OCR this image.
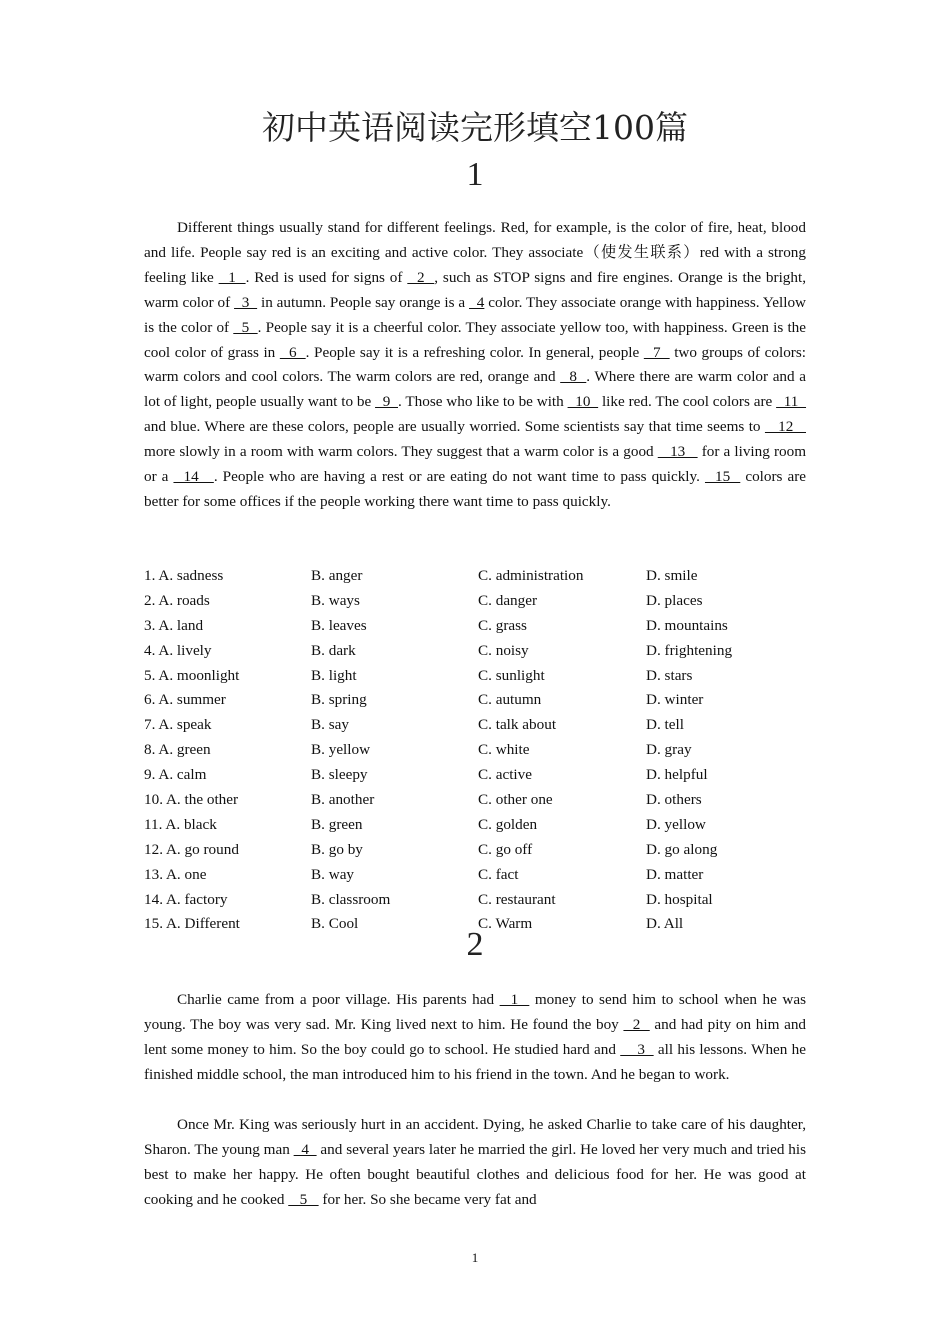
初中英语阅读完形填空100篇
1
Different things usually stand for different feelings. Red, for example, is the color of fire, heat, blood and life. People say red is an exciting and active color. They associate（使发生联系）red with a strong feeling like   1  . Red is used for signs of   2  , such as STOP signs and fire engines. Orange is the bright, warm color of   3   in autumn. People say orange is a   4 color. They associate orange with happiness. Yellow is the color of   5  . People say it is a cheerful color. They associate yellow too, with happiness. Green is the cool color of grass in   6  . People say it is a refreshing color. In general, people   7   two groups of colors: warm colors and cool colors. The warm colors are red, orange and   8  . Where there are warm color and a lot of light, people usually want to be   9  . Those who like to be with   10   like red. The cool colors are   11   and blue. Where are these colors, people are usually worried. Some scientists say that time seems to    12    more slowly in a room with warm colors. They suggest that a warm color is a good    13    for a living room or a   14   . People who are having a rest or are eating do not want time to pass quickly.   15   colors are better for some offices if the people working there want time to pass quickly.
1. A. sadness	B. anger	C. administration	D. smile
2. A. roads	B. ways	C. danger	D. places
3. A. land	B. leaves	C. grass	D. mountains
4. A. lively	B. dark	C. noisy	D. frightening
5. A. moonlight	B. light	C. sunlight	D. stars
6. A. summer	B. spring	C. autumn	D. winter
7. A. speak	B. say	C. talk about	D. tell
8. A. green	B. yellow	C. white	D. gray
9. A. calm	B. sleepy	C. active	D. helpful
10. A. the other	B. another	C. other one	D. others
11. A. black	B. green	C. golden	D. yellow
12. A. go round	B. go by	C. go off	D. go along
13. A. one	B. way	C. fact	D. matter
14. A. factory	B. classroom	C. restaurant	D. hospital
15. A. Different	B. Cool	C. Warm	D. All
2
Charlie came from a poor village. His parents had   1   money to send him to school when he was young. The boy was very sad. Mr. King lived next to him. He found the boy   2   and had pity on him and lent some money to him. So the boy could go to school. He studied hard and     3   all his lessons. When he finished middle school, the man introduced him to his friend in the town. And he began to work.
Once Mr. King was seriously hurt in an accident. Dying, he asked Charlie to take care of his daughter, Sharon. The young man   4   and several years later he married the girl. He loved her very much and tried his best to make her happy. He often bought beautiful clothes and delicious food for her. He was good at cooking and he cooked    5    for her. So she became very fat and
1
